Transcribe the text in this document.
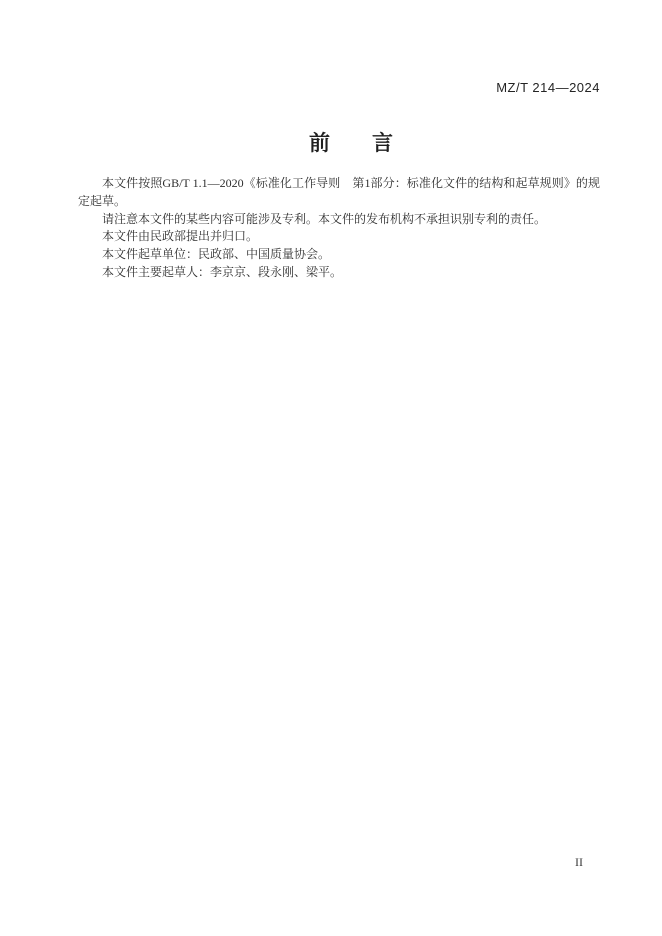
MZ/T 214—2024
前　　言

本文件按照GB/T 1.1—2020《标准化工作导则　第1部分：标准化文件的结构和起草规则》的规定起草。

请注意本文件的某些内容可能涉及专利。本文件的发布机构不承担识别专利的责任。

本文件由民政部提出并归口。

本文件起草单位：民政部、中国质量协会。

本文件主要起草人：李京京、段永刚、梁平。

II
